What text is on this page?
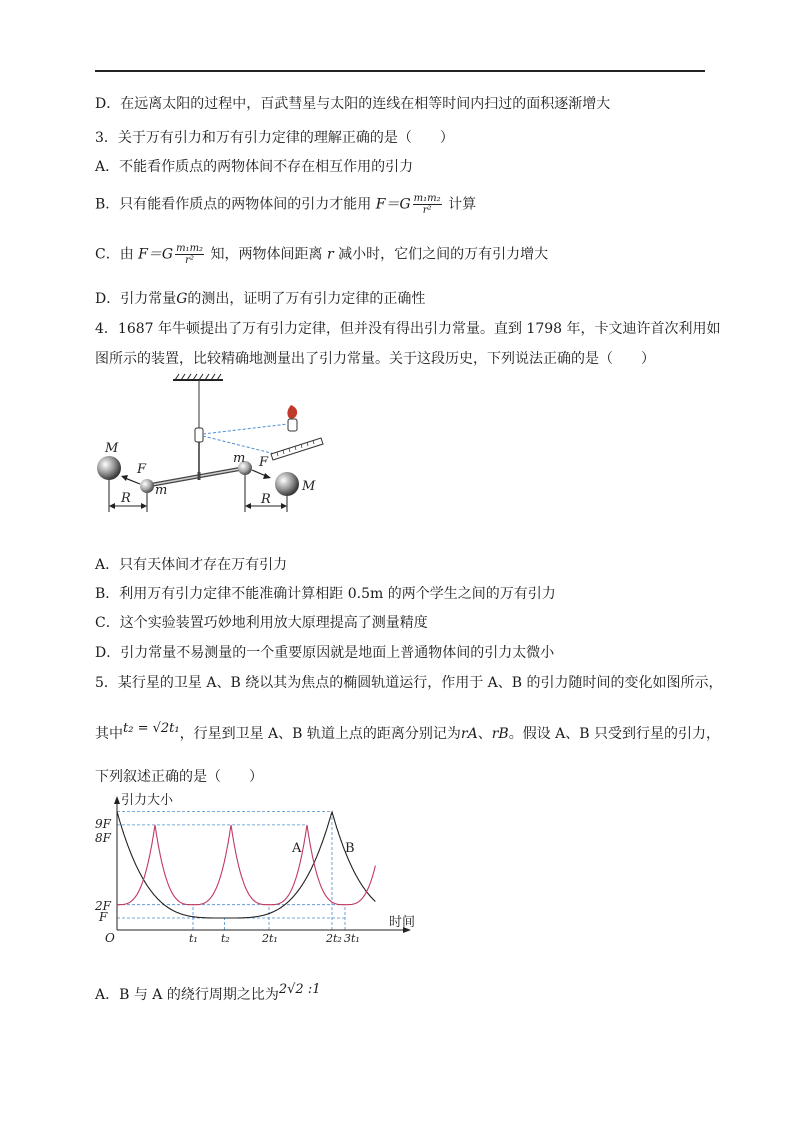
D．在远离太阳的过程中，百武彗星与太阳的连线在相等时间内扫过的面积逐渐增大
3．关于万有引力和万有引力定律的理解正确的是（　　）
A．不能看作质点的两物体间不存在相互作用的引力
B．只有能看作质点的两物体间的引力才能用 $F=G \frac{\text{m₁m₂}}{\text{r²}}$ 计算
C．由 $F=G \frac{\text{m₁m₂}}{\text{r²}}$ 知，两物体间距离 r 减小时，它们之间的万有引力增大
D．引力常量G的测出，证明了万有引力定律的正确性
4．1687 年牛顿提出了万有引力定律，但并没有得出引力常量。直到 1798 年，卡文迪许首次利用如
图所示的装置，比较精确地测量出了引力常量。关于这段历史，下列说法正确的是（　　）
M
F
m
R
m F
M
R
A．只有天体间才存在万有引力
B．利用万有引力定律不能准确计算相距 0.5m 的两个学生之间的万有引力
C．这个实验装置巧妙地利用放大原理提高了测量精度
D．引力常量不易测量的一个重要原因就是地面上普通物体间的引力太微小
5．某行星的卫星 A、B 绕以其为焦点的椭圆轨道运行，作用于 A、B 的引力随时间的变化如图所示，
其中t₂ = √2t₁，行星到卫星 A、B 轨道上点的距离分别记为rA、rB。假设 A、B 只受到行星的引力，
下列叙述正确的是（　　）
引力大小
时间
O
F
2F
8F
9F
t₁ t₂	2t₁	2t₂ 3t₁
A	B
A．B 与 A 的绕行周期之比为2√2 :1
